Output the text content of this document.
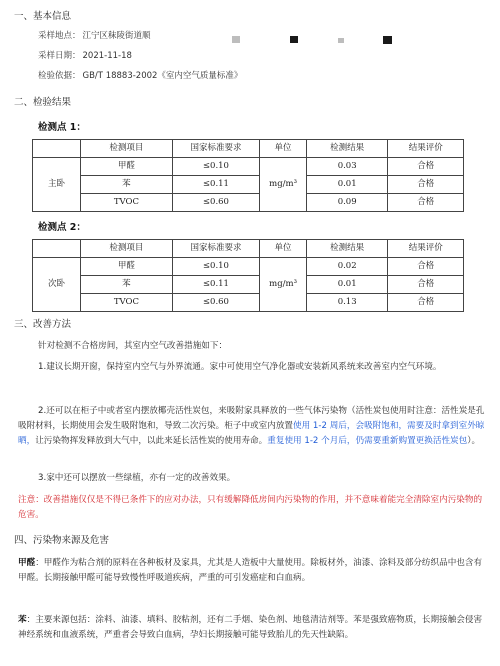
一、基本信息
采样地点： 江宁区秣陵街道顺
采样日期： 2021-11-18
检验依据： GB/T 18883-2002《室内空气质量标准》
二、检验结果
检测点 1：
	检测项目	国家标准要求	单位	检测结果	结果评价
主卧	甲醛	≤0.10	mg/m³	0.03	合格
	苯	≤0.11		0.01	合格
	TVOC	≤0.60		0.09	合格
检测点 2：
	检测项目	国家标准要求	单位	检测结果	结果评价
次卧	甲醛	≤0.10	mg/m³	0.02	合格
	苯	≤0.11		0.01	合格
	TVOC	≤0.60		0.13	合格
三、改善方法
针对检测不合格房间，其室内空气改善措施如下：
1.建议长期开窗，保持室内空气与外界流通。家中可使用空气净化器或安装新风系统来改善室内空气环境。
2.还可以在柜子中或者室内摆放椰壳活性炭包，来吸附家具释放的一些气体污染物（活性炭包使用时注意：活性炭是孔吸附材料，长期使用会发生吸附饱和，导致二次污染。柜子中或室内放置使用 1-2 周后，会吸附饱和，需要及时拿到室外晾晒，让污染物挥发释放到大气中，以此来延长活性炭的使用寿命。重复使用 1-2 个月后，仍需要重新购置更换活性炭包）。
3.家中还可以摆放一些绿植，亦有一定的改善效果。
注意：改善措施仅仅是不得已条件下的应对办法，只有缓解降低房间内污染物的作用，并不意味着能完全清除室内污染物的危害。
四、污染物来源及危害
甲醛：甲醛作为粘合剂的原料在各种板材及家具，尤其是人造板中大量使用。除板材外，油漆、涂料及部分纺织品中也含有甲醛。长期接触甲醛可能导致慢性呼吸道疾病，严重的可引发癌症和白血病。
苯：主要来源包括：涂料、油漆、填料、胶粘剂，还有二手烟、染色剂、地毯清洁剂等。苯是强致癌物质，长期接触会侵害神经系统和血液系统，严重者会导致白血病，孕妇长期接触可能导致胎儿的先天性缺陷。
